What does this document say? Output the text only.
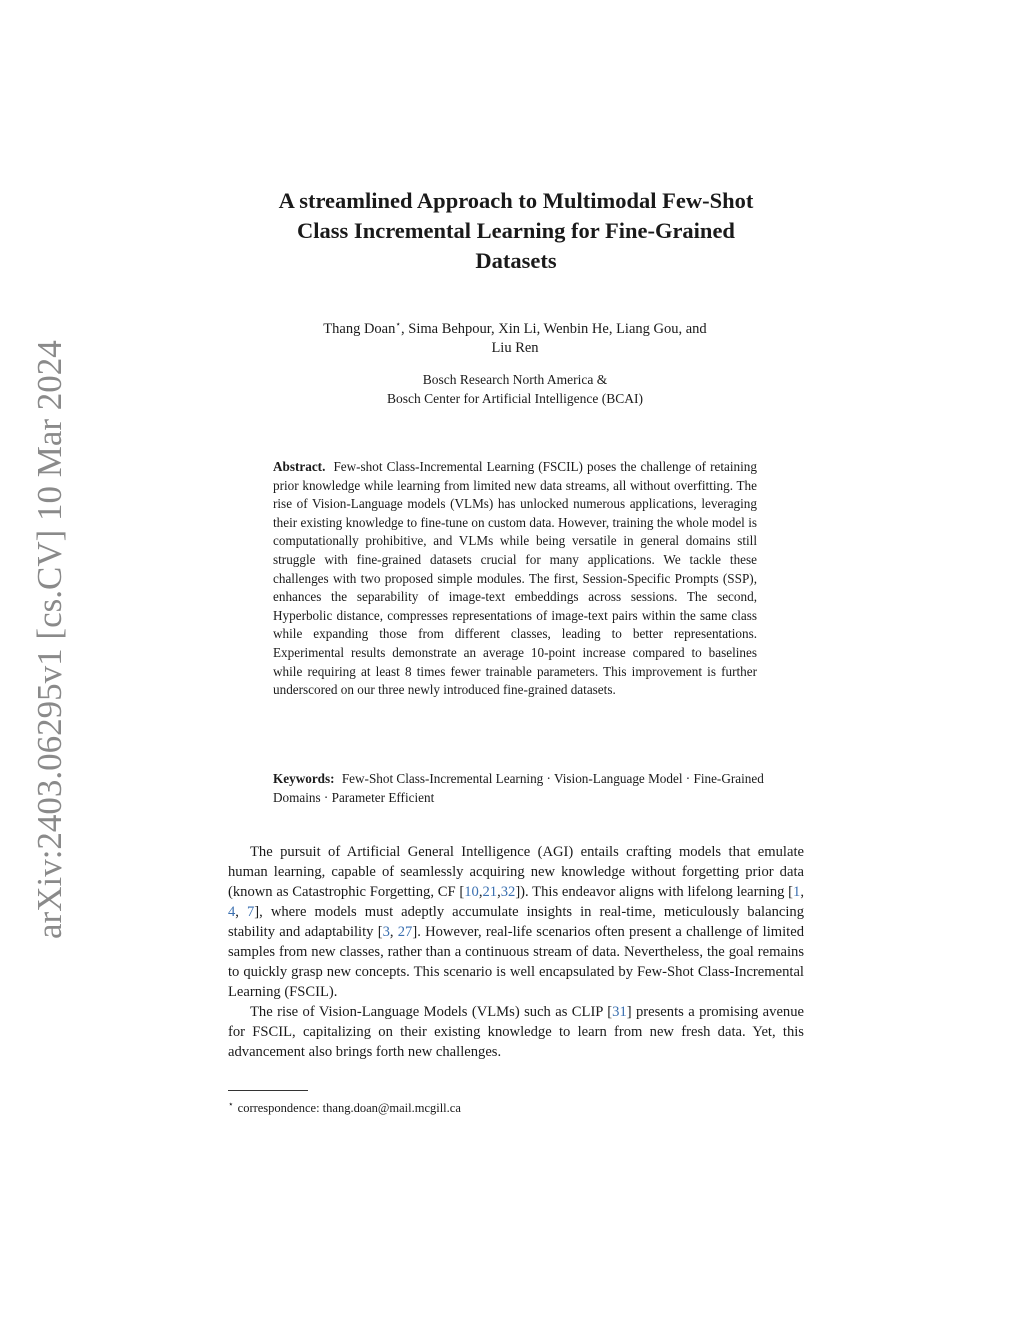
arXiv:2403.06295v1 [cs.CV] 10 Mar 2024
A streamlined Approach to Multimodal Few-Shot
Class Incremental Learning for Fine-Grained
Datasets
Thang Doan⋆, Sima Behpour, Xin Li, Wenbin He, Liang Gou, and
Liu Ren
Bosch Research North America &
Bosch Center for Artificial Intelligence (BCAI)
Abstract. Few-shot Class-Incremental Learning (FSCIL) poses the challenge of retaining prior knowledge while learning from limited new data streams, all without overfitting. The rise of Vision-Language models (VLMs) has unlocked numerous applications, leveraging their existing knowledge to fine-tune on custom data. However, training the whole model is computationally prohibitive, and VLMs while being versatile in general domains still struggle with fine-grained datasets crucial for many applications. We tackle these challenges with two proposed simple modules. The first, Session-Specific Prompts (SSP), enhances the separability of image-text embeddings across sessions. The second, Hyperbolic distance, compresses representations of image-text pairs within the same class while expanding those from different classes, leading to better representations. Experimental results demonstrate an average 10-point increase compared to baselines while requiring at least 8 times fewer trainable parameters. This improvement is further underscored on our three newly introduced fine-grained datasets.
Keywords: Few-Shot Class-Incremental Learning · Vision-Language Model · Fine-Grained Domains · Parameter Efficient

The pursuit of Artificial General Intelligence (AGI) entails crafting models that emulate human learning, capable of seamlessly acquiring new knowledge without forgetting prior data (known as Catastrophic Forgetting, CF [10,21,32]). This endeavor aligns with lifelong learning [1, 4, 7], where models must adeptly accumulate insights in real-time, meticulously balancing stability and adaptability [3, 27]. However, real-life scenarios often present a challenge of limited samples from new classes, rather than a continuous stream of data. Nevertheless, the goal remains to quickly grasp new concepts. This scenario is well encapsulated by Few-Shot Class-Incremental Learning (FSCIL).

The rise of Vision-Language Models (VLMs) such as CLIP [31] presents a promising avenue for FSCIL, capitalizing on their existing knowledge to learn from new fresh data. Yet, this advancement also brings forth new challenges.

⋆ correspondence: thang.doan@mail.mcgill.ca
